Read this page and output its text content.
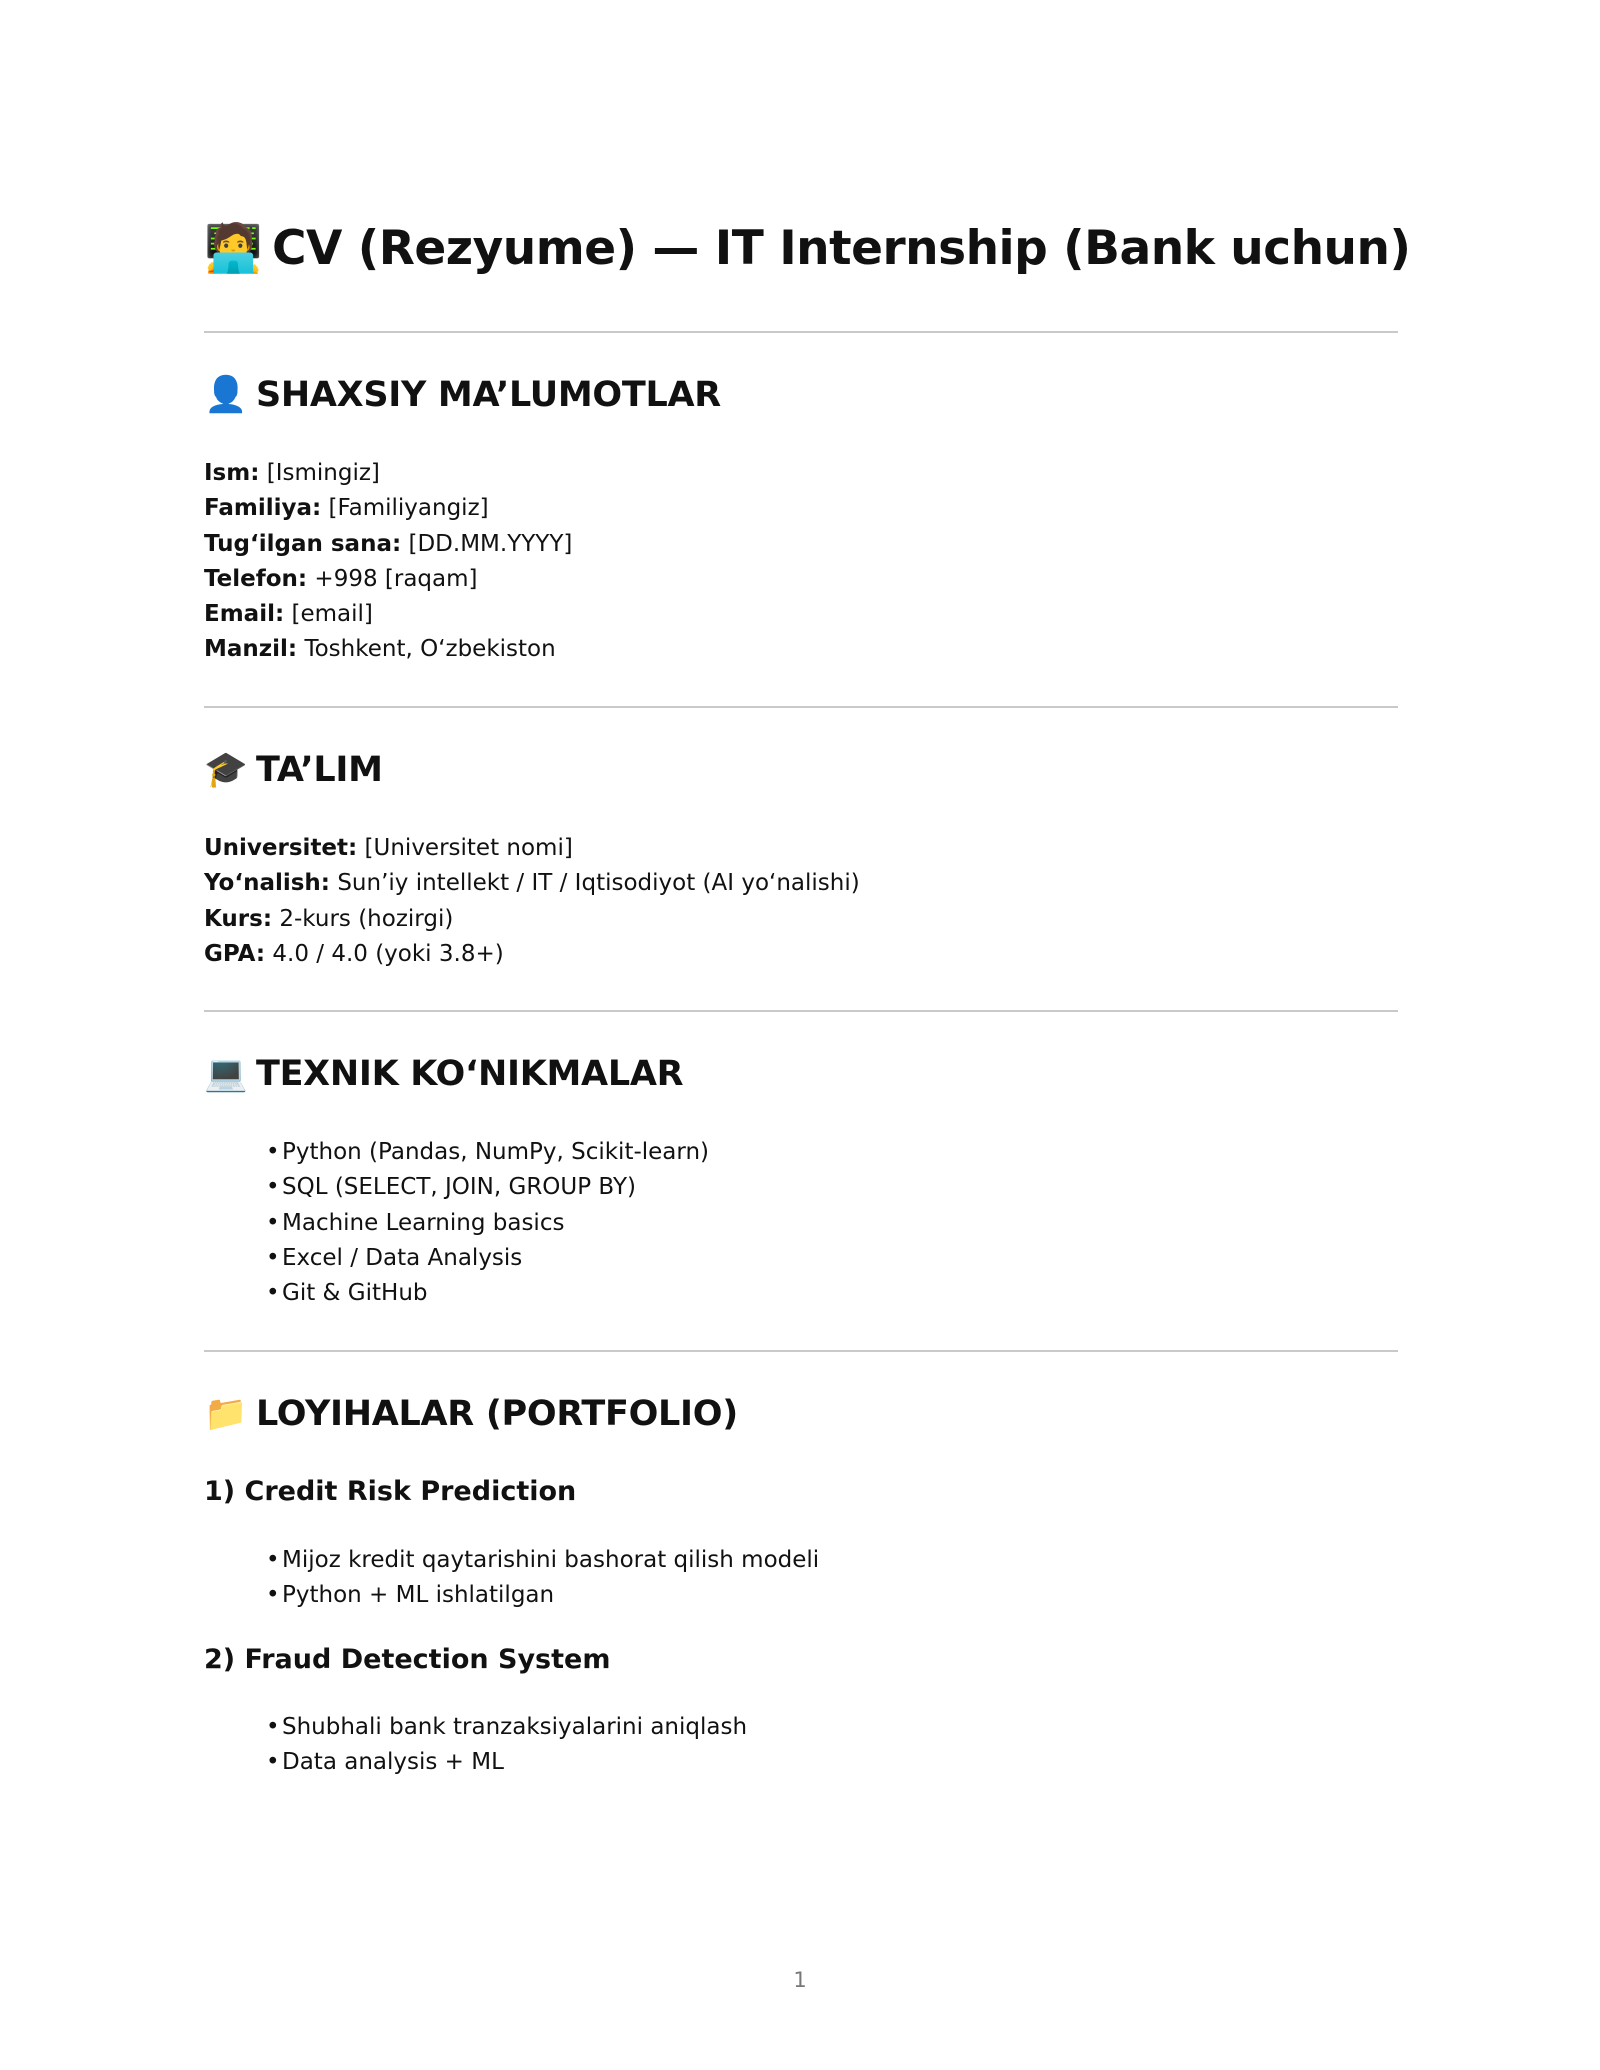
🧑‍💻 CV (Rezyume) — IT Internship (Bank uchun)
👤 SHAXSIY MA’LUMOTLAR
Ism: [Ismingiz]
Familiya: [Familiyangiz]
Tug‘ilgan sana: [DD.MM.YYYY]
Telefon: +998 [raqam]
Email: [email]
Manzil: Toshkent, O‘zbekiston
🎓 TA’LIM
Universitet: [Universitet nomi]
Yo‘nalish: Sun’iy intellekt / IT / Iqtisodiyot (AI yo‘nalishi)
Kurs: 2-kurs (hozirgi)
GPA: 4.0 / 4.0 (yoki 3.8+)
💻 TEXNIK KO‘NIKMALAR
• Python (Pandas, NumPy, Scikit-learn)
• SQL (SELECT, JOIN, GROUP BY)
• Machine Learning basics
• Excel / Data Analysis
• Git & GitHub
📁 LOYIHALAR (PORTFOLIO)
1) Credit Risk Prediction
• Mijoz kredit qaytarishini bashorat qilish modeli
• Python + ML ishlatilgan
2) Fraud Detection System
• Shubhali bank tranzaksiyalarini aniqlash
• Data analysis + ML
1
